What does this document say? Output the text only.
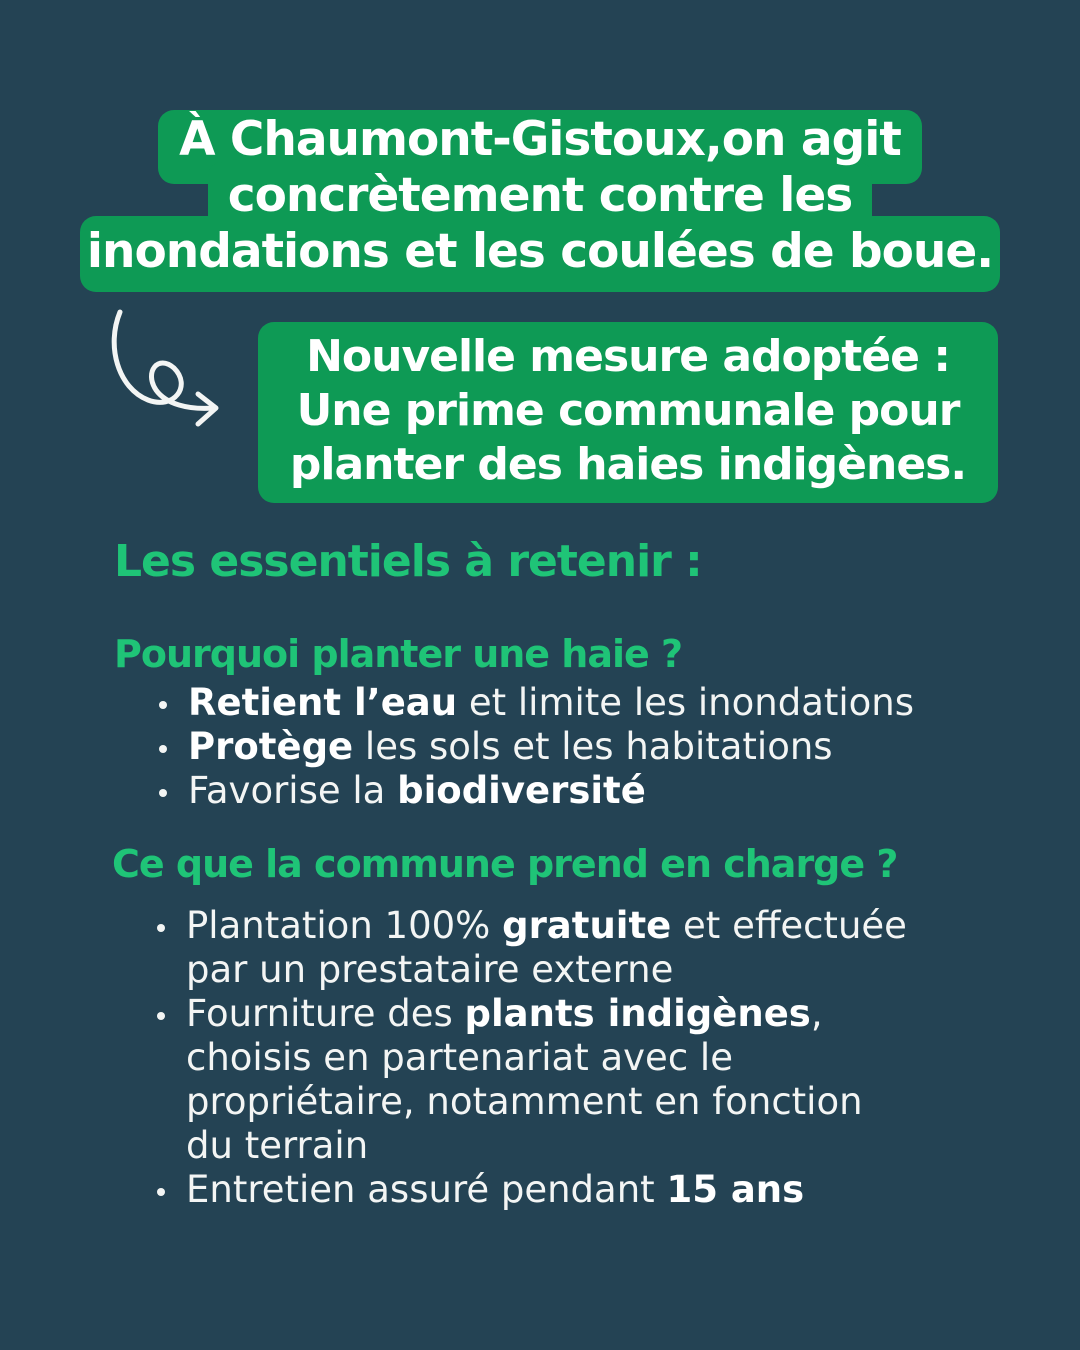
À Chaumont-Gistoux,on agit
concrètement contre les
inondations et les coulées de boue.
Nouvelle mesure adoptée :
Une prime communale pour
planter des haies indigènes.
Les essentiels à retenir :
Pourquoi planter une haie ?
Retient l’eau et limite les inondations
Protège les sols et les habitations
Favorise la biodiversité
Ce que la commune prend en charge ?
Plantation 100% gratuite et effectuée
par un prestataire externe
Fourniture des plants indigènes,
choisis en partenariat avec le
propriétaire, notamment en fonction
du terrain
Entretien assuré pendant 15 ans
